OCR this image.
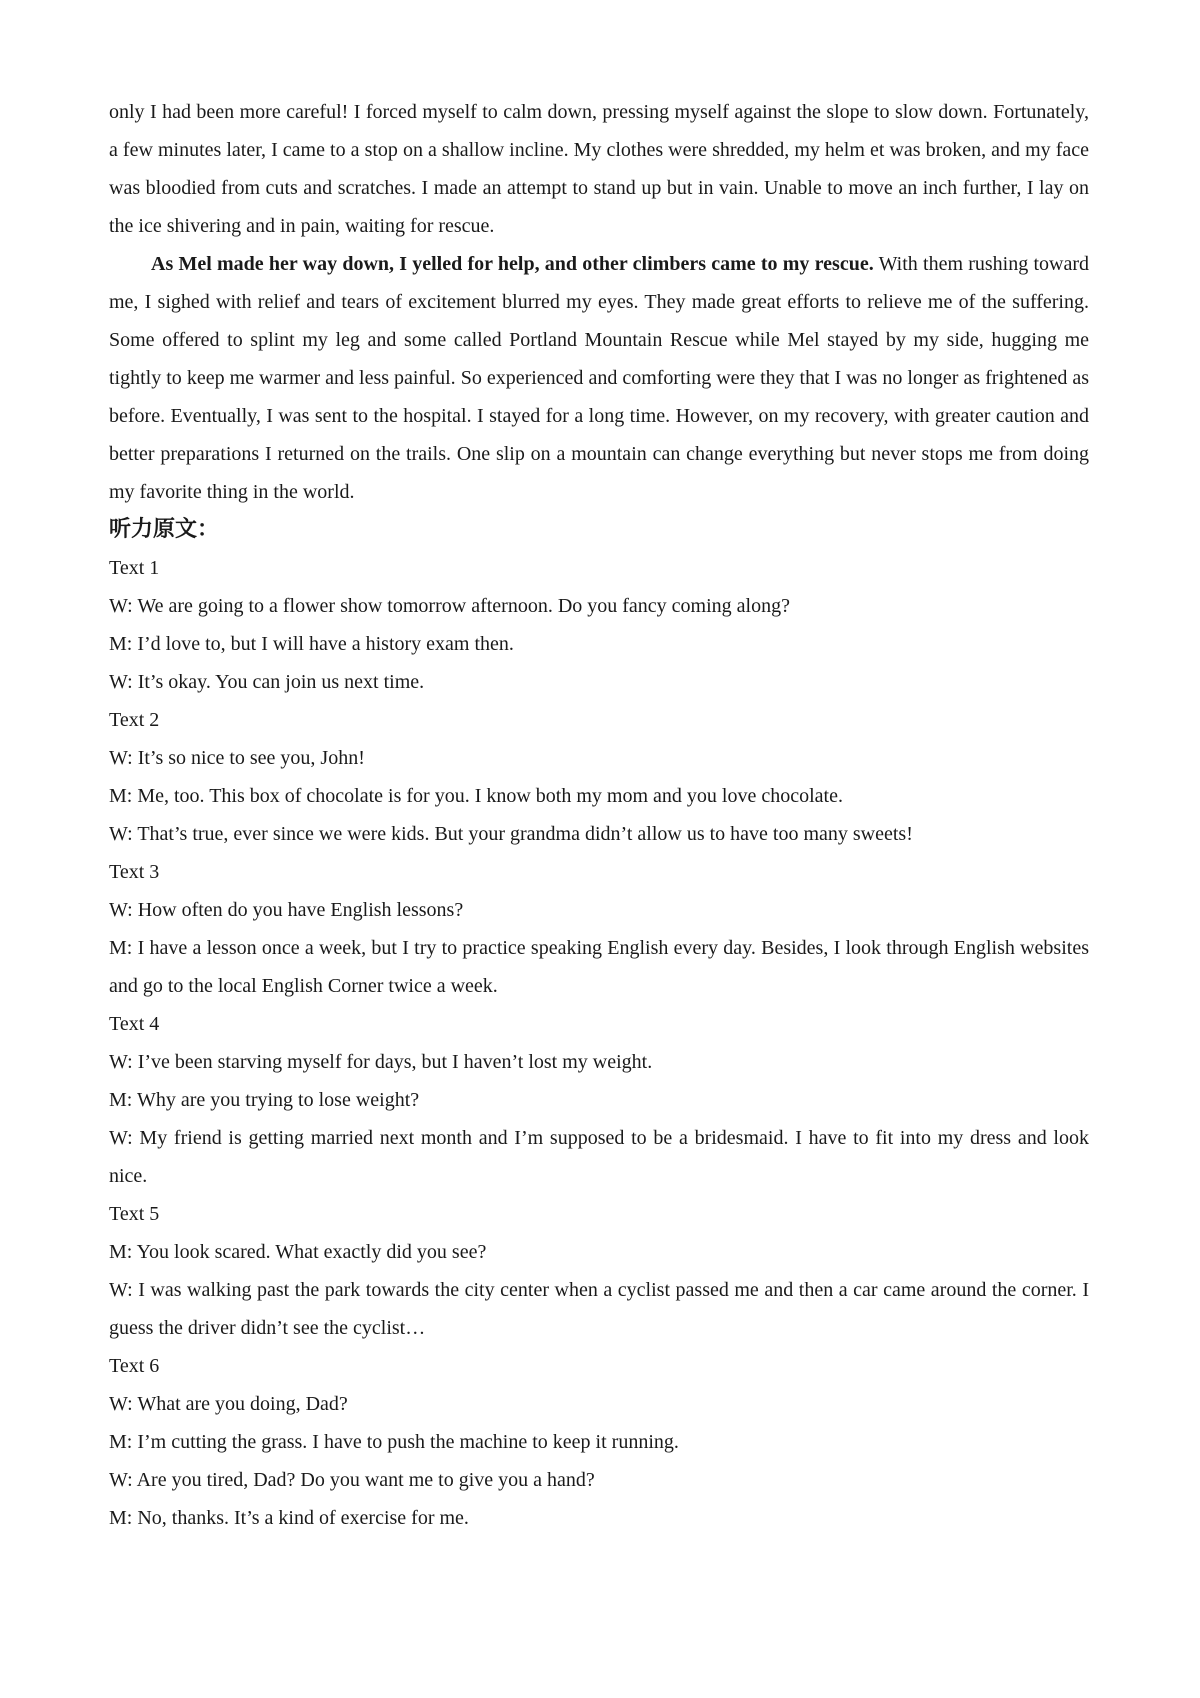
only I had been more careful! I forced myself to calm down, pressing myself against the slope to slow down. Fortunately, a few minutes later, I came to a stop on a shallow incline. My clothes were shredded, my helm et was broken, and my face was bloodied from cuts and scratches. I made an attempt to stand up but in vain. Unable to move an inch further, I lay on the ice shivering and in pain, waiting for rescue.

As Mel made her way down, I yelled for help, and other climbers came to my rescue. With them rushing toward me, I sighed with relief and tears of excitement blurred my eyes. They made great efforts to relieve me of the suffering. Some offered to splint my leg and some called Portland Mountain Rescue while Mel stayed by my side, hugging me tightly to keep me warmer and less painful. So experienced and comforting were they that I was no longer as frightened as before. Eventually, I was sent to the hospital. I stayed for a long time. However, on my recovery, with greater caution and better preparations I returned on the trails. One slip on a mountain can change everything but never stops me from doing my favorite thing in the world.

听力原文：

Text 1

W: We are going to a flower show tomorrow afternoon. Do you fancy coming along?

M: I’d love to, but I will have a history exam then.

W: It’s okay. You can join us next time.

Text 2

W: It’s so nice to see you, John!

M: Me, too. This box of chocolate is for you. I know both my mom and you love chocolate.

W: That’s true, ever since we were kids. But your grandma didn’t allow us to have too many sweets!

Text 3

W: How often do you have English lessons?

M: I have a lesson once a week, but I try to practice speaking English every day. Besides, I look through English websites and go to the local English Corner twice a week.

Text 4

W: I’ve been starving myself for days, but I haven’t lost my weight.

M: Why are you trying to lose weight?

W: My friend is getting married next month and I’m supposed to be a bridesmaid. I have to fit into my dress and look nice.

Text 5

M: You look scared. What exactly did you see?

W: I was walking past the park towards the city center when a cyclist passed me and then a car came around the corner. I guess the driver didn’t see the cyclist…

Text 6

W: What are you doing, Dad?

M: I’m cutting the grass. I have to push the machine to keep it running.

W: Are you tired, Dad? Do you want me to give you a hand?

M: No, thanks. It’s a kind of exercise for me.
